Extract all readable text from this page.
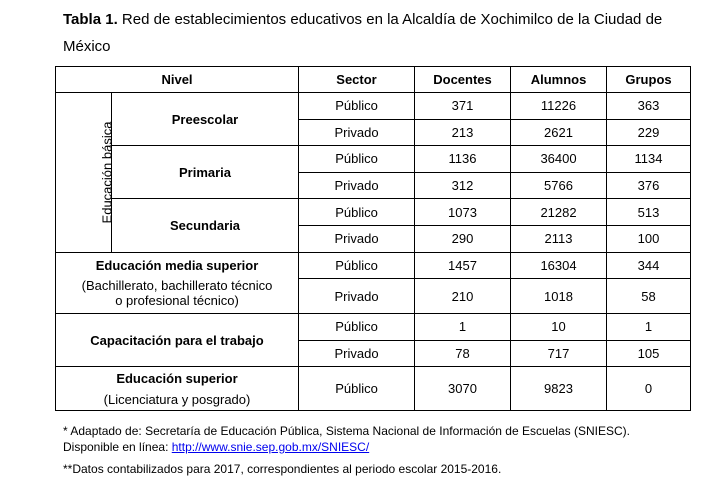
Tabla 1. Red de establecimientos educativos en la Alcaldía de Xochimilco de la Ciudad de México
Nivel		Sector	Docentes	Alumnos	Grupos
Educación básica	Preescolar	Público	371	11226	363
		Privado	213	2621	229
	Primaria	Público	1136	36400	1134
		Privado	312	5766	376
	Secundaria	Público	1073	21282	513
		Privado	290	2113	100

Educación media superior
(Bachillerato, bachillerato técnico o profesional técnico)		Público	1457	16304	344
		Privado	210	1018	58
Capacitación para el trabajo		Público	1	10	1
		Privado	78	717	105

Educación superior
(Licenciatura y posgrado)		Público	3070	9823	0
* Adaptado de: Secretaría de Educación Pública, Sistema Nacional de Información de Escuelas (SNIESC). Disponible en línea: http://www.snie.sep.gob.mx/SNIESC/
**Datos contabilizados para 2017, correspondientes al periodo escolar 2015-2016.
